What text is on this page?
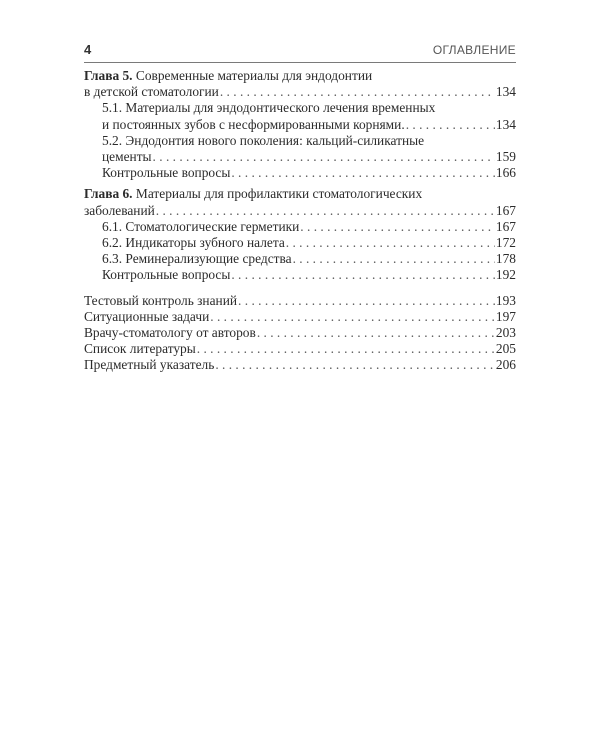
4	ОГЛАВЛЕНИЕ
Глава 5. Современные материалы для эндодонтии
в детской стоматологии . . .	134
5.1. Материалы для эндодонтического лечения временных
и постоянных зубов с несформированными корнями. . . .	134
5.2. Эндодонтия нового поколения: кальций-силикатные
цементы . . .	159
Контрольные вопросы . . .	166
Глава 6. Материалы для профилактики стоматологических
заболеваний . . .	167
6.1. Стоматологические герметики . . .	167
6.2. Индикаторы зубного налета . . .	172
6.3. Реминерализующие средства . . .	178
Контрольные вопросы . . .	192
Тестовый контроль знаний . . .	193
Ситуационные задачи . . .	197
Врачу-стоматологу от авторов . . .	203
Список литературы . . .	205
Предметный указатель . . .	206
